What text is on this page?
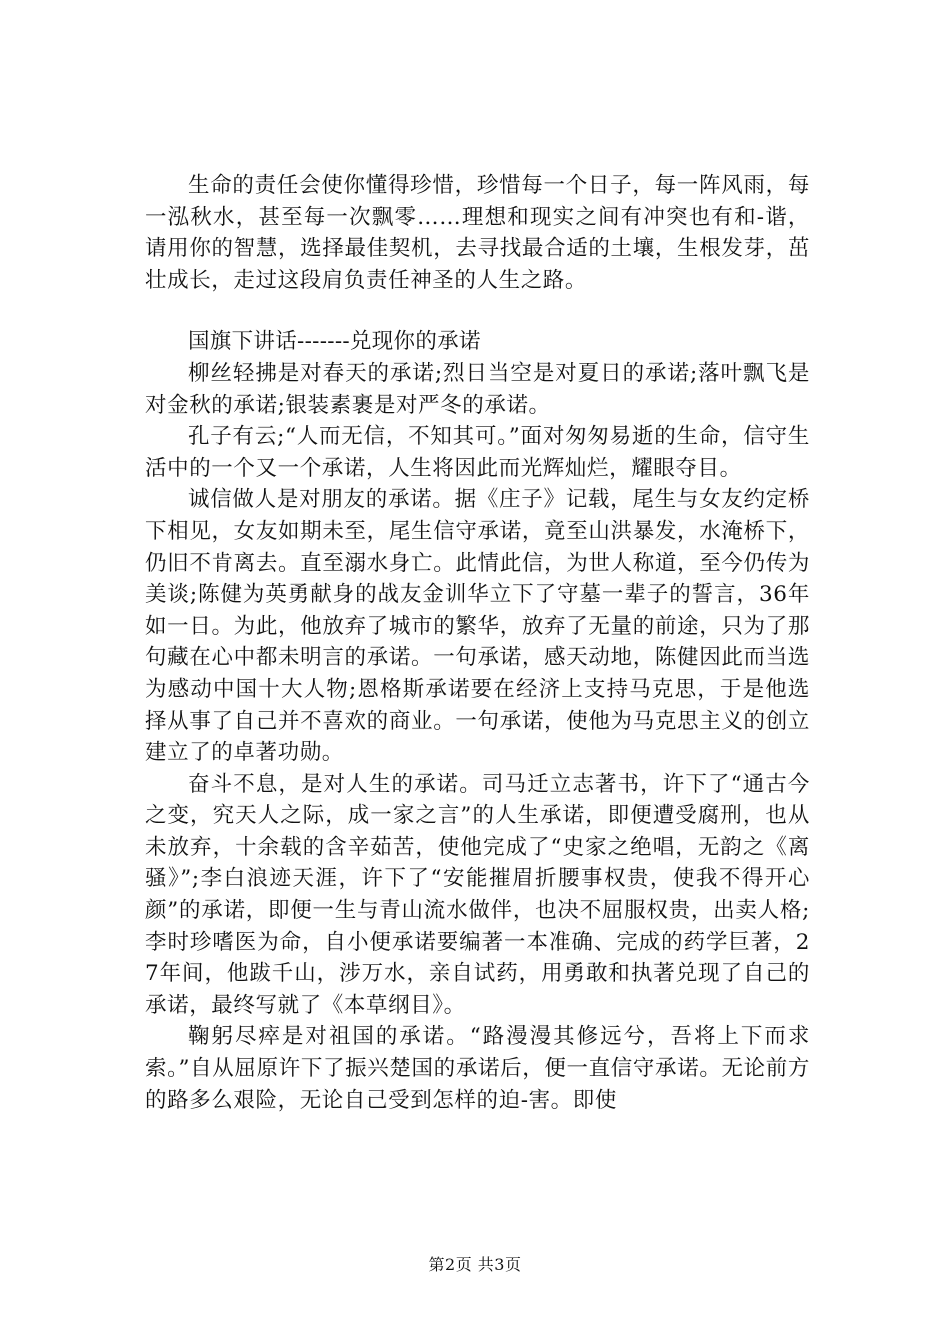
生命的责任会使你懂得珍惜，珍惜每一个日子，每一阵风雨，每一泓秋水，甚至每一次飘零……理想和现实之间有冲突也有和-谐，请用你的智慧，选择最佳契机，去寻找最合适的土壤，生根发芽，茁壮成长，走过这段肩负责任神圣的人生之路。

国旗下讲话-------兑现你的承诺

柳丝轻拂是对春天的承诺;烈日当空是对夏日的承诺;落叶飘飞是对金秋的承诺;银装素裹是对严冬的承诺。

孔子有云;“人而无信，不知其可。”面对匆匆易逝的生命，信守生活中的一个又一个承诺，人生将因此而光辉灿烂，耀眼夺目。

诚信做人是对朋友的承诺。据《庄子》记载，尾生与女友约定桥下相见，女友如期未至，尾生信守承诺，竟至山洪暴发，水淹桥下，仍旧不肯离去。直至溺水身亡。此情此信，为世人称道，至今仍传为美谈;陈健为英勇献身的战友金训华立下了守墓一辈子的誓言，36年如一日。为此，他放弃了城市的繁华，放弃了无量的前途，只为了那句藏在心中都未明言的承诺。一句承诺，感天动地，陈健因此而当选为感动中国十大人物;恩格斯承诺要在经济上支持马克思，于是他选择从事了自己并不喜欢的商业。一句承诺，使他为马克思主义的创立建立了的卓著功勋。

奋斗不息，是对人生的承诺。司马迁立志著书，许下了“通古今之变，究天人之际，成一家之言”的人生承诺，即便遭受腐刑，也从未放弃，十余载的含辛茹苦，使他完成了“史家之绝唱，无韵之《离骚》”;李白浪迹天涯，许下了“安能摧眉折腰事权贵，使我不得开心颜”的承诺，即便一生与青山流水做伴，也决不屈服权贵，出卖人格;李时珍嗜医为命，自小便承诺要编著一本准确、完成的药学巨著，27年间，他跋千山，涉万水，亲自试药，用勇敢和执著兑现了自己的承诺，最终写就了《本草纲目》。

鞠躬尽瘁是对祖国的承诺。“路漫漫其修远兮，吾将上下而求索。”自从屈原许下了振兴楚国的承诺后，便一直信守承诺。无论前方的路多么艰险，无论自己受到怎样的迫-害。即使

第2页 共3页
